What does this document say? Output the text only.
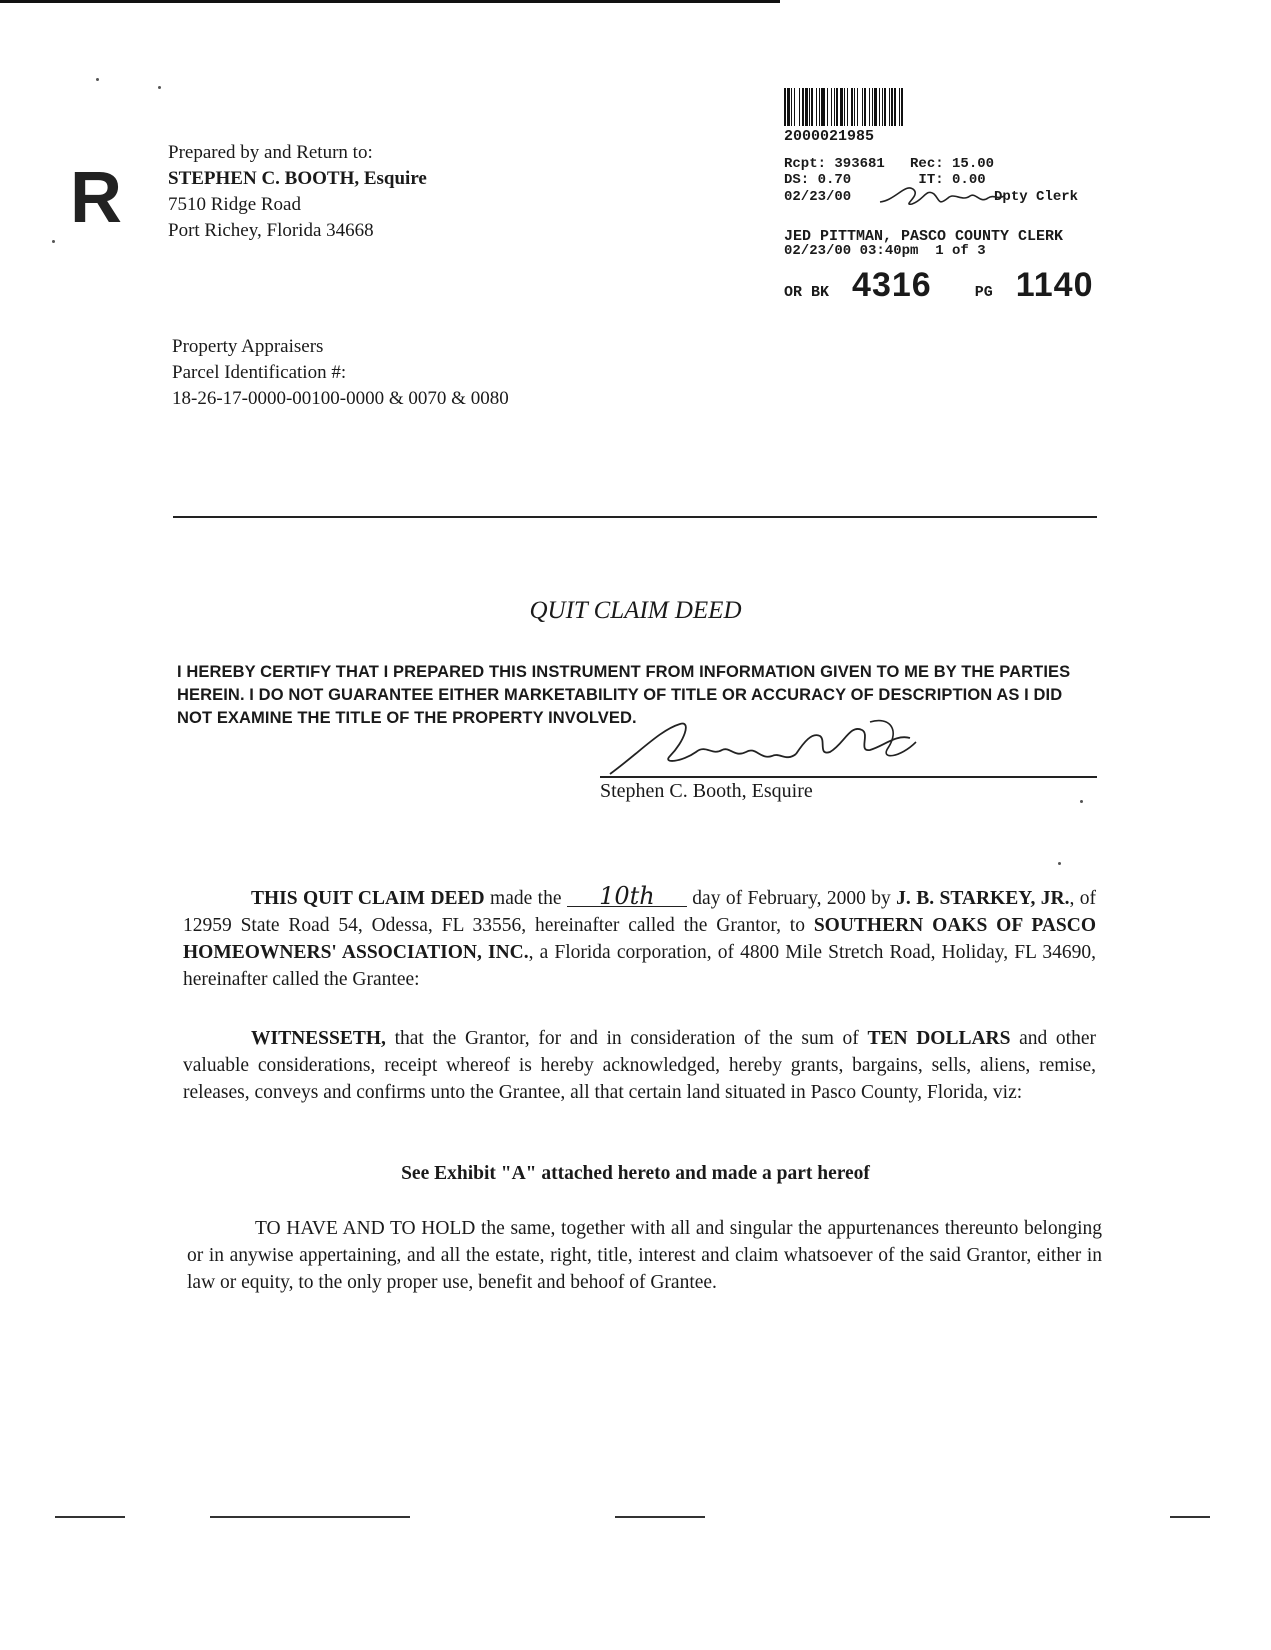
R
Prepared by and Return to:
STEPHEN C. BOOTH, Esquire
7510 Ridge Road
Port Richey, Florida 34668
2000021985
Rcpt: 393681   Rec: 15.00
DS: 0.70        IT: 0.00
02/23/00                 Dpty Clerk
JED PITTMAN, PASCO COUNTY CLERK
02/23/00 03:40pm  1 of 3
OR BK 4316	PG 1140
Property Appraisers
Parcel Identification #:
18-26-17-0000-00100-0000 & 0070 & 0080
QUIT CLAIM DEED
I HEREBY CERTIFY THAT I PREPARED THIS INSTRUMENT FROM INFORMATION GIVEN TO ME BY THE PARTIES HEREIN. I DO NOT GUARANTEE EITHER MARKETABILITY OF TITLE OR ACCURACY OF DESCRIPTION AS I DID NOT EXAMINE THE TITLE OF THE PROPERTY INVOLVED.
Stephen C. Booth, Esquire
THIS QUIT CLAIM DEED made the 10th day of February, 2000 by J. B. STARKEY, JR., of 12959 State Road 54, Odessa, FL 33556, hereinafter called the Grantor, to SOUTHERN OAKS OF PASCO HOMEOWNERS' ASSOCIATION, INC., a Florida corporation, of 4800 Mile Stretch Road, Holiday, FL 34690, hereinafter called the Grantee:
WITNESSETH, that the Grantor, for and in consideration of the sum of TEN DOLLARS and other valuable considerations, receipt whereof is hereby acknowledged, hereby grants, bargains, sells, aliens, remise, releases, conveys and confirms unto the Grantee, all that certain land situated in Pasco County, Florida, viz:
See Exhibit "A" attached hereto and made a part hereof
TO HAVE AND TO HOLD the same, together with all and singular the appurtenances thereunto belonging or in anywise appertaining, and all the estate, right, title, interest and claim whatsoever of the said Grantor, either in law or equity, to the only proper use, benefit and behoof of Grantee.
